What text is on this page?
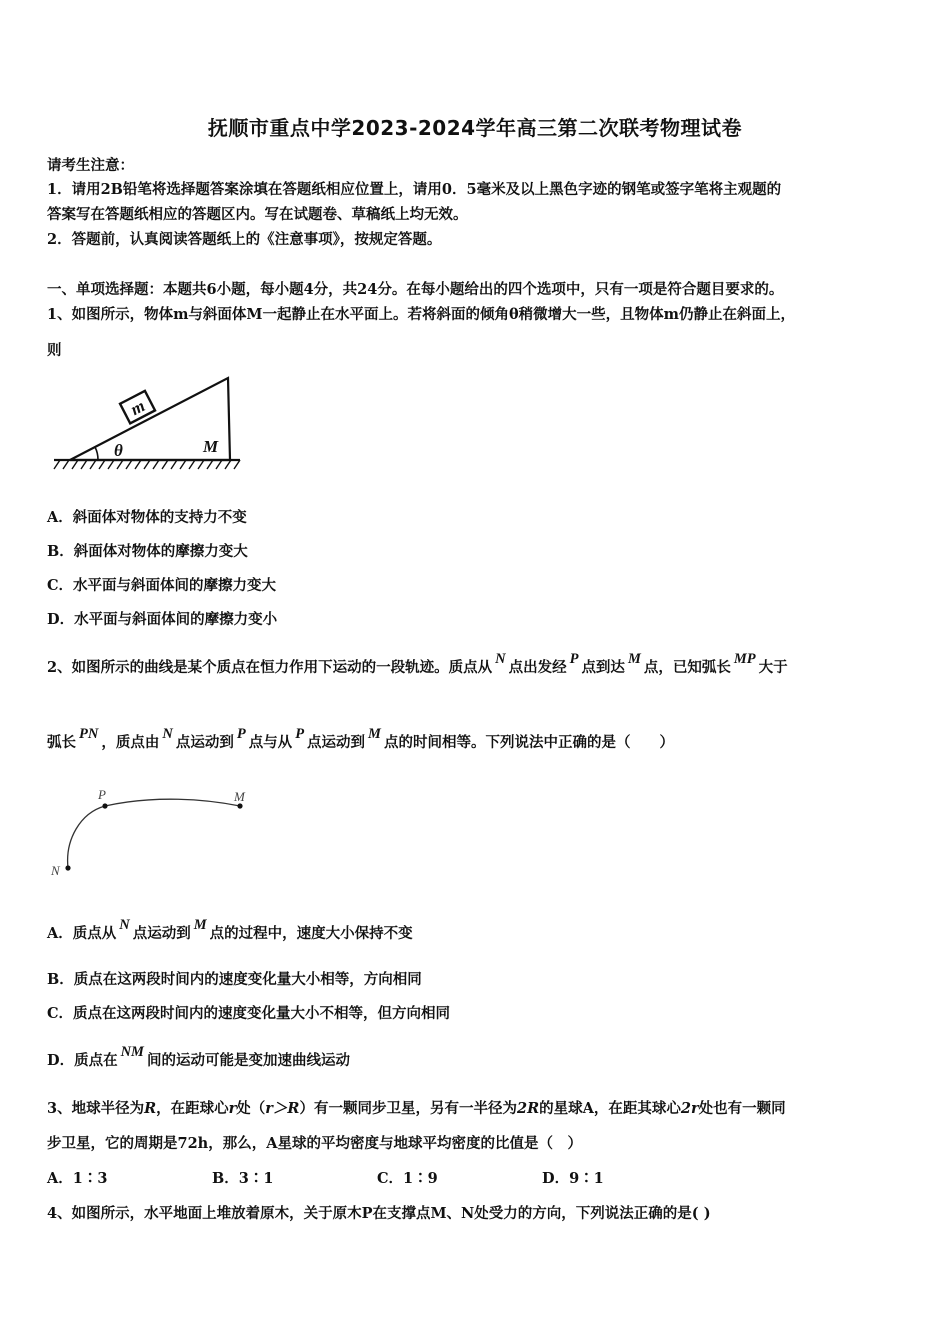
抚顺市重点中学2023-2024学年高三第二次联考物理试卷
请考生注意：
1．请用2B铅笔将选择题答案涂填在答题纸相应位置上，请用0．5毫米及以上黑色字迹的钢笔或签字笔将主观题的
答案写在答题纸相应的答题区内。写在试题卷、草稿纸上均无效。
2．答题前，认真阅读答题纸上的《注意事项》，按规定答题。
一、单项选择题：本题共6小题，每小题4分，共24分。在每小题给出的四个选项中，只有一项是符合题目要求的。
1、如图所示，物体m与斜面体M一起静止在水平面上。若将斜面的倾角θ稍微增大一些，且物体m仍静止在斜面上，
则
m
θ	M
A．斜面体对物体的支持力不变
B．斜面体对物体的摩擦力变大
C．水平面与斜面体间的摩擦力变大
D．水平面与斜面体间的摩擦力变小
2、如图所示的曲线是某个质点在恒力作用下运动的一段轨迹。质点从 N 点出发经 P 点到达 M 点，已知弧长 MP 大于
弧长 PN ，质点由 N 点运动到 P 点与从 P 点运动到 M 点的时间相等。下列说法中正确的是（　　）
N
P	M
A．质点从 N 点运动到 M 点的过程中，速度大小保持不变
B．质点在这两段时间内的速度变化量大小相等，方向相同
C．质点在这两段时间内的速度变化量大小不相等，但方向相同
D．质点在 NM 间的运动可能是变加速曲线运动
3、地球半径为R，在距球心r处（r＞R）有一颗同步卫星，另有一半径为2R的星球A，在距其球心2r处也有一颗同
步卫星，它的周期是72h，那么，A星球的平均密度与地球平均密度的比值是（　）
A．1∶3	B．3∶1	C．1∶9	D．9∶1
4、如图所示，水平地面上堆放着原木，关于原木P在支撑点M、N处受力的方向，下列说法正确的是( )
